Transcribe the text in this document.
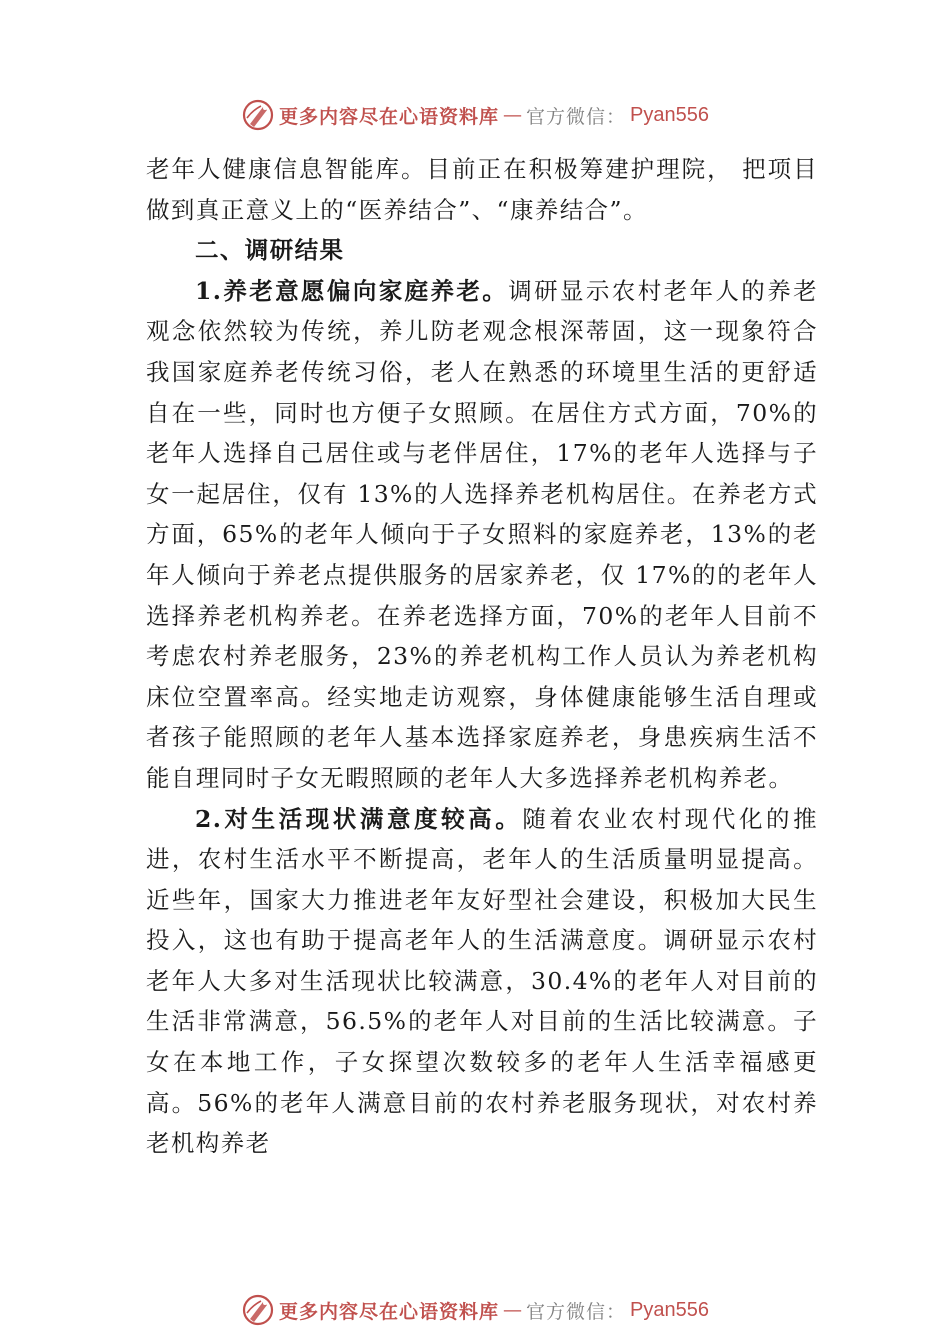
更多内容尽在心语资料库 — 官方微信： Pyan556

老年人健康信息智能库。目前正在积极筹建护理院， 把项目做到真正意义上的“医养结合”、“康养结合”。

二、调研结果

1.养老意愿偏向家庭养老。调研显示农村老年人的养老观念依然较为传统，养儿防老观念根深蒂固，这一现象符合我国家庭养老传统习俗，老人在熟悉的环境里生活的更舒适自在一些，同时也方便子女照顾。在居住方式方面，70%的老年人选择自己居住或与老伴居住，17%的老年人选择与子女一起居住，仅有 13%的人选择养老机构居住。在养老方式方面，65%的老年人倾向于子女照料的家庭养老，13%的老年人倾向于养老点提供服务的居家养老，仅 17%的的老年人选择养老机构养老。在养老选择方面，70%的老年人目前不考虑农村养老服务，23%的养老机构工作人员认为养老机构床位空置率高。经实地走访观察，身体健康能够生活自理或者孩子能照顾的老年人基本选择家庭养老，身患疾病生活不能自理同时子女无暇照顾的老年人大多选择养老机构养老。

2.对生活现状满意度较高。随着农业农村现代化的推进，农村生活水平不断提高，老年人的生活质量明显提高。近些年，国家大力推进老年友好型社会建设，积极加大民生投入，这也有助于提高老年人的生活满意度。调研显示农村老年人大多对生活现状比较满意，30.4%的老年人对目前的生活非常满意，56.5%的老年人对目前的生活比较满意。子女在本地工作，子女探望次数较多的老年人生活幸福感更高。56%的老年人满意目前的农村养老服务现状，对农村养老机构养老

更多内容尽在心语资料库 — 官方微信： Pyan556
